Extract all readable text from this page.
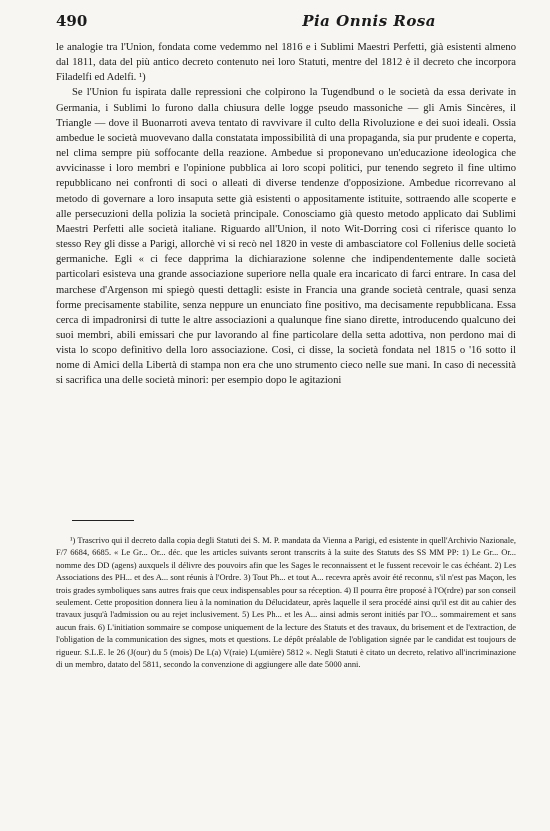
490	Pia Onnis Rosa

le analogie tra l'Union, fondata come vedemmo nel 1816 e i Sublimi Maestri Perfetti, già esistenti almeno dal 1811, data del più antico decreto contenuto nei loro Statuti, mentre del 1812 è il decreto che incorpora Filadelfi ed Adelfi. ¹)

Se l'Union fu ispirata dalle repressioni che colpirono la Tugendbund o le società da essa derivate in Germania, i Sublimi lo furono dalla chiusura delle logge pseudo massoniche — gli Amis Sincères, il Triangle — dove il Buonarroti aveva tentato di ravvivare il culto della Rivoluzione e dei suoi ideali. Ossia ambedue le società muovevano dalla constatata impossibilità di una propaganda, sia pur prudente e coperta, nel clima sempre più soffocante della reazione. Ambedue si proponevano un'educazione ideologica che avvicinasse i loro membri e l'opinione pubblica ai loro scopi politici, pur tenendo segreto il fine ultimo repubblicano nei confronti di soci o alleati di diverse tendenze d'opposizione. Ambedue ricorrevano al metodo di governare a loro insaputa sette già esistenti o appositamente istituite, sottraendo alle scoperte e alle persecuzioni della polizia la società principale. Conosciamo già questo metodo applicato dai Sublimi Maestri Perfetti alle società italiane. Riguardo all'Union, il noto Wit-Dorring così ci riferisce quanto lo stesso Rey gli disse a Parigi, allorchè vi si recò nel 1820 in veste di ambasciatore col Follenius delle società germaniche. Egli « ci fece dapprima la dichiarazione solenne che indipendentemente dalle società particolari esisteva una grande associazione superiore nella quale era incaricato di farci entrare. In casa del marchese d'Argenson mi spiegò questi dettagli: esiste in Francia una grande società centrale, quasi senza forme precisamente stabilite, senza neppure un enunciato fine positivo, ma decisamente repubblicana. Essa cerca di impadronirsi di tutte le altre associazioni a qualunque fine siano dirette, introducendo qualcuno dei suoi membri, abili emissari che pur lavorando al fine particolare della setta adottiva, non perdono mai di vista lo scopo definitivo della loro associazione. Così, ci disse, la società fondata nel 1815 o '16 sotto il nome di Amici della Libertà di stampa non era che uno strumento cieco nelle sue mani. In caso di necessità si sacrifica una delle società minori: per esempio dopo le agitazioni

¹) Trascrivo qui il decreto dalla copia degli Statuti dei S. M. P. mandata da Vienna a Parigi, ed esistente in quell'Archivio Nazionale, F/7 6684, 6685. « Le Gr... Or... déc. que les articles suivants seront transcrits à la suite des Statuts des SS MM PP: 1) Le Gr... Or... nomme des DD (agens) auxquels il délivre des pouvoirs afin que les Sages le reconnaissent et le fussent recevoir le cas échéant. 2) Les Associations des PH... et des A... sont réunis à l'Ordre. 3) Tout Ph... et tout A... recevra après avoir été reconnu, s'il n'est pas Maçon, les trois grades symboliques sans autres frais que ceux indispensables pour sa réception. 4) Il pourra être proposé à l'O(rdre) par son conseil seulement. Cette proposition donnera lieu à la nomination du Délucidateur, après laquelle il sera procédé ainsi qu'il est dit au cahier des travaux jusqu'à l'admission ou au rejet inclusivement. 5) Les Ph... et les A... ainsi admis seront initiés par l'O... sommairement et sans aucun frais. 6) L'initiation sommaire se compose uniquement de la lecture des Statuts et des travaux, du brisement et de l'extraction, de l'obligation de la communication des signes, mots et questions. Le dépôt préalable de l'obligation signée par le candidat est toujours de rigueur. S.L.E. le 26 (J(our) du 5 (mois) De L(a) V(raie) L(umière) 5812 ». Negli Statuti è citato un decreto, relativo all'incriminazione di un membro, datato del 5811, secondo la convenzione di aggiungere alle date 5000 anni.
